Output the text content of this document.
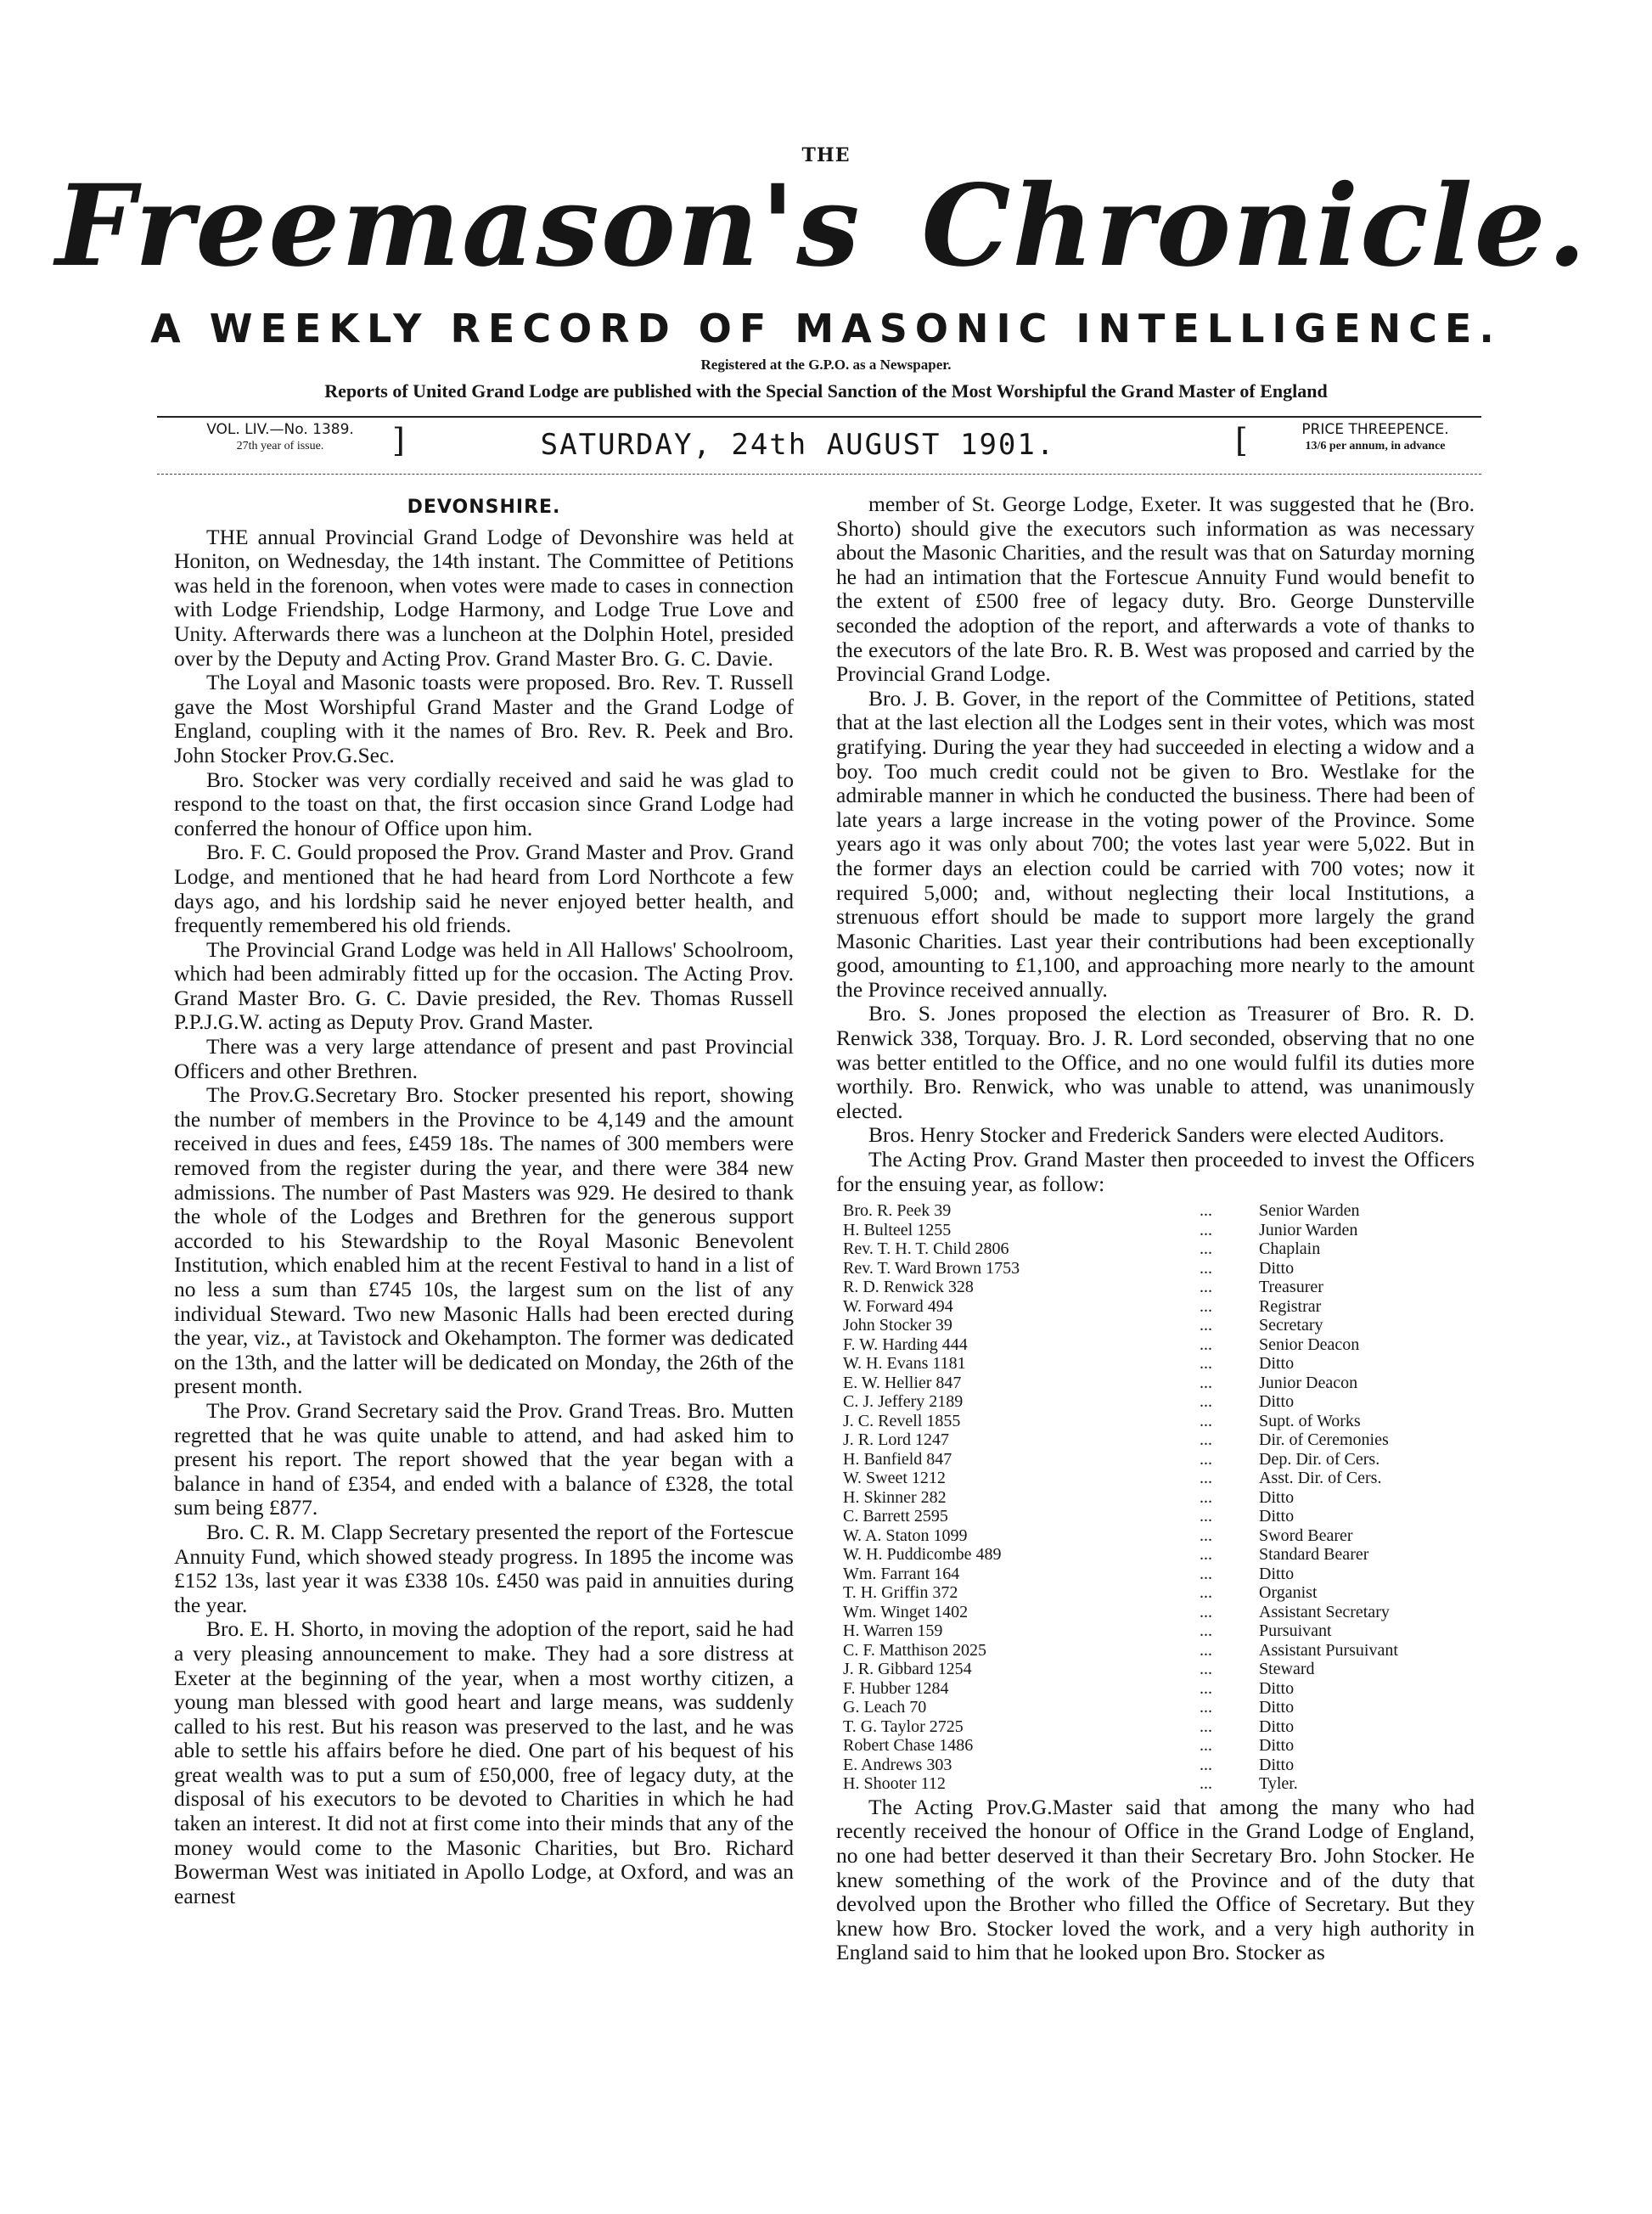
THE
Freemason's Chronicle.
A WEEKLY RECORD OF MASONIC INTELLIGENCE.
Registered at the G.P.O. as a Newspaper.
Reports of United Grand Lodge are published with the Special Sanction of the Most Worshipful the Grand Master of England
VOL. LIV.—No. 1389.
27th year of issue.	]	SATURDAY, 24th AUGUST 1901.	[	PRICE THREEPENCE.
13/6 per annum, in advance
DEVONSHIRE.

THE annual Provincial Grand Lodge of Devonshire was held at Honiton, on Wednesday, the 14th instant. The Committee of Petitions was held in the forenoon, when votes were made to cases in connection with Lodge Friendship, Lodge Harmony, and Lodge True Love and Unity. Afterwards there was a luncheon at the Dolphin Hotel, presided over by the Deputy and Acting Prov. Grand Master Bro. G. C. Davie.

The Loyal and Masonic toasts were proposed. Bro. Rev. T. Russell gave the Most Worshipful Grand Master and the Grand Lodge of England, coupling with it the names of Bro. Rev. R. Peek and Bro. John Stocker Prov.G.Sec.

Bro. Stocker was very cordially received and said he was glad to respond to the toast on that, the first occasion since Grand Lodge had conferred the honour of Office upon him.

Bro. F. C. Gould proposed the Prov. Grand Master and Prov. Grand Lodge, and mentioned that he had heard from Lord Northcote a few days ago, and his lordship said he never enjoyed better health, and frequently remembered his old friends.

The Provincial Grand Lodge was held in All Hallows' Schoolroom, which had been admirably fitted up for the occasion. The Acting Prov. Grand Master Bro. G. C. Davie presided, the Rev. Thomas Russell P.P.J.G.W. acting as Deputy Prov. Grand Master.

There was a very large attendance of present and past Provincial Officers and other Brethren.

The Prov.G.Secretary Bro. Stocker presented his report, showing the number of members in the Province to be 4,149 and the amount received in dues and fees, £459 18s. The names of 300 members were removed from the register during the year, and there were 384 new admissions. The number of Past Masters was 929. He desired to thank the whole of the Lodges and Brethren for the generous support accorded to his Stewardship to the Royal Masonic Benevolent Institution, which enabled him at the recent Festival to hand in a list of no less a sum than £745 10s, the largest sum on the list of any individual Steward. Two new Masonic Halls had been erected during the year, viz., at Tavistock and Okehampton. The former was dedicated on the 13th, and the latter will be dedicated on Monday, the 26th of the present month.

The Prov. Grand Secretary said the Prov. Grand Treas. Bro. Mutten regretted that he was quite unable to attend, and had asked him to present his report. The report showed that the year began with a balance in hand of £354, and ended with a balance of £328, the total sum being £877.

Bro. C. R. M. Clapp Secretary presented the report of the Fortescue Annuity Fund, which showed steady progress. In 1895 the income was £152 13s, last year it was £338 10s. £450 was paid in annuities during the year.

Bro. E. H. Shorto, in moving the adoption of the report, said he had a very pleasing announcement to make. They had a sore distress at Exeter at the beginning of the year, when a most worthy citizen, a young man blessed with good heart and large means, was suddenly called to his rest. But his reason was preserved to the last, and he was able to settle his affairs before he died. One part of his bequest of his great wealth was to put a sum of £50,000, free of legacy duty, at the disposal of his executors to be devoted to Charities in which he had taken an interest. It did not at first come into their minds that any of the money would come to the Masonic Charities, but Bro. Richard Bowerman West was initiated in Apollo Lodge, at Oxford, and was an earnest

member of St. George Lodge, Exeter. It was suggested that he (Bro. Shorto) should give the executors such information as was necessary about the Masonic Charities, and the result was that on Saturday morning he had an intimation that the Fortescue Annuity Fund would benefit to the extent of £500 free of legacy duty. Bro. George Dunsterville seconded the adoption of the report, and afterwards a vote of thanks to the executors of the late Bro. R. B. West was proposed and carried by the Provincial Grand Lodge.

Bro. J. B. Gover, in the report of the Committee of Petitions, stated that at the last election all the Lodges sent in their votes, which was most gratifying. During the year they had succeeded in electing a widow and a boy. Too much credit could not be given to Bro. Westlake for the admirable manner in which he conducted the business. There had been of late years a large increase in the voting power of the Province. Some years ago it was only about 700; the votes last year were 5,022. But in the former days an election could be carried with 700 votes; now it required 5,000; and, without neglecting their local Institutions, a strenuous effort should be made to support more largely the grand Masonic Charities. Last year their contributions had been exceptionally good, amounting to £1,100, and approaching more nearly to the amount the Province received annually.

Bro. S. Jones proposed the election as Treasurer of Bro. R. D. Renwick 338, Torquay. Bro. J. R. Lord seconded, observing that no one was better entitled to the Office, and no one would fulfil its duties more worthily. Bro. Renwick, who was unable to attend, was unanimously elected.

Bros. Henry Stocker and Frederick Sanders were elected Auditors.

The Acting Prov. Grand Master then proceeded to invest the Officers for the ensuing year, as follow:

Bro. R. Peek 39	...	Senior Warden
H. Bulteel 1255	...	Junior Warden
Rev. T. H. T. Child 2806	...	Chaplain
Rev. T. Ward Brown 1753	...	Ditto
R. D. Renwick 328	...	Treasurer
W. Forward 494	...	Registrar
John Stocker 39	...	Secretary
F. W. Harding 444	...	Senior Deacon
W. H. Evans 1181	...	Ditto
E. W. Hellier 847	...	Junior Deacon
C. J. Jeffery 2189	...	Ditto
J. C. Revell 1855	...	Supt. of Works
J. R. Lord 1247	...	Dir. of Ceremonies
H. Banfield 847	...	Dep. Dir. of Cers.
W. Sweet 1212	...	Asst. Dir. of Cers.
H. Skinner 282	...	Ditto
C. Barrett 2595	...	Ditto
W. A. Staton 1099	...	Sword Bearer
W. H. Puddicombe 489	...	Standard Bearer
Wm. Farrant 164	...	Ditto
T. H. Griffin 372	...	Organist
Wm. Winget 1402	...	Assistant Secretary
H. Warren 159	...	Pursuivant
C. F. Matthison 2025	...	Assistant Pursuivant
J. R. Gibbard 1254	...	Steward
F. Hubber 1284	...	Ditto
G. Leach 70	...	Ditto
T. G. Taylor 2725	...	Ditto
Robert Chase 1486	...	Ditto
E. Andrews 303	...	Ditto
H. Shooter 112	...	Tyler.

The Acting Prov.G.Master said that among the many who had recently received the honour of Office in the Grand Lodge of England, no one had better deserved it than their Secretary Bro. John Stocker. He knew something of the work of the Province and of the duty that devolved upon the Brother who filled the Office of Secretary. But they knew how Bro. Stocker loved the work, and a very high authority in England said to him that he looked upon Bro. Stocker as
